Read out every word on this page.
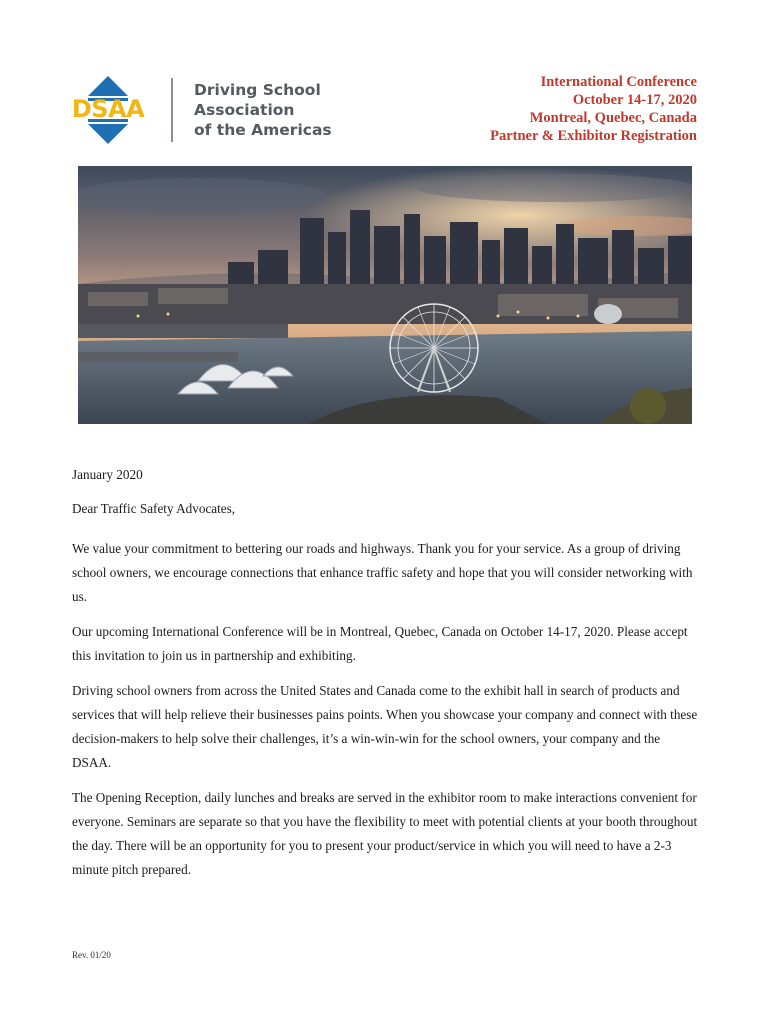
DSAA
Driving School
Association
of the Americas
International Conference
October 14-17, 2020
Montreal, Quebec, Canada
Partner & Exhibitor Registration

January 2020

Dear Traffic Safety Advocates,

We value your commitment to bettering our roads and highways. Thank you for your service. As a group of driving school owners, we encourage connections that enhance traffic safety and hope that you will consider networking with us.

Our upcoming International Conference will be in Montreal, Quebec, Canada on October 14-17, 2020. Please accept this invitation to join us in partnership and exhibiting.

Driving school owners from across the United States and Canada come to the exhibit hall in search of products and services that will help relieve their businesses pains points. When you showcase your company and connect with these decision-makers to help solve their challenges, it’s a win-win-win for the school owners, your company and the DSAA.

The Opening Reception, daily lunches and breaks are served in the exhibitor room to make interactions convenient for everyone. Seminars are separate so that you have the flexibility to meet with potential clients at your booth throughout the day. There will be an opportunity for you to present your product/service in which you will need to have a 2-3 minute pitch prepared.

Rev. 01/20
